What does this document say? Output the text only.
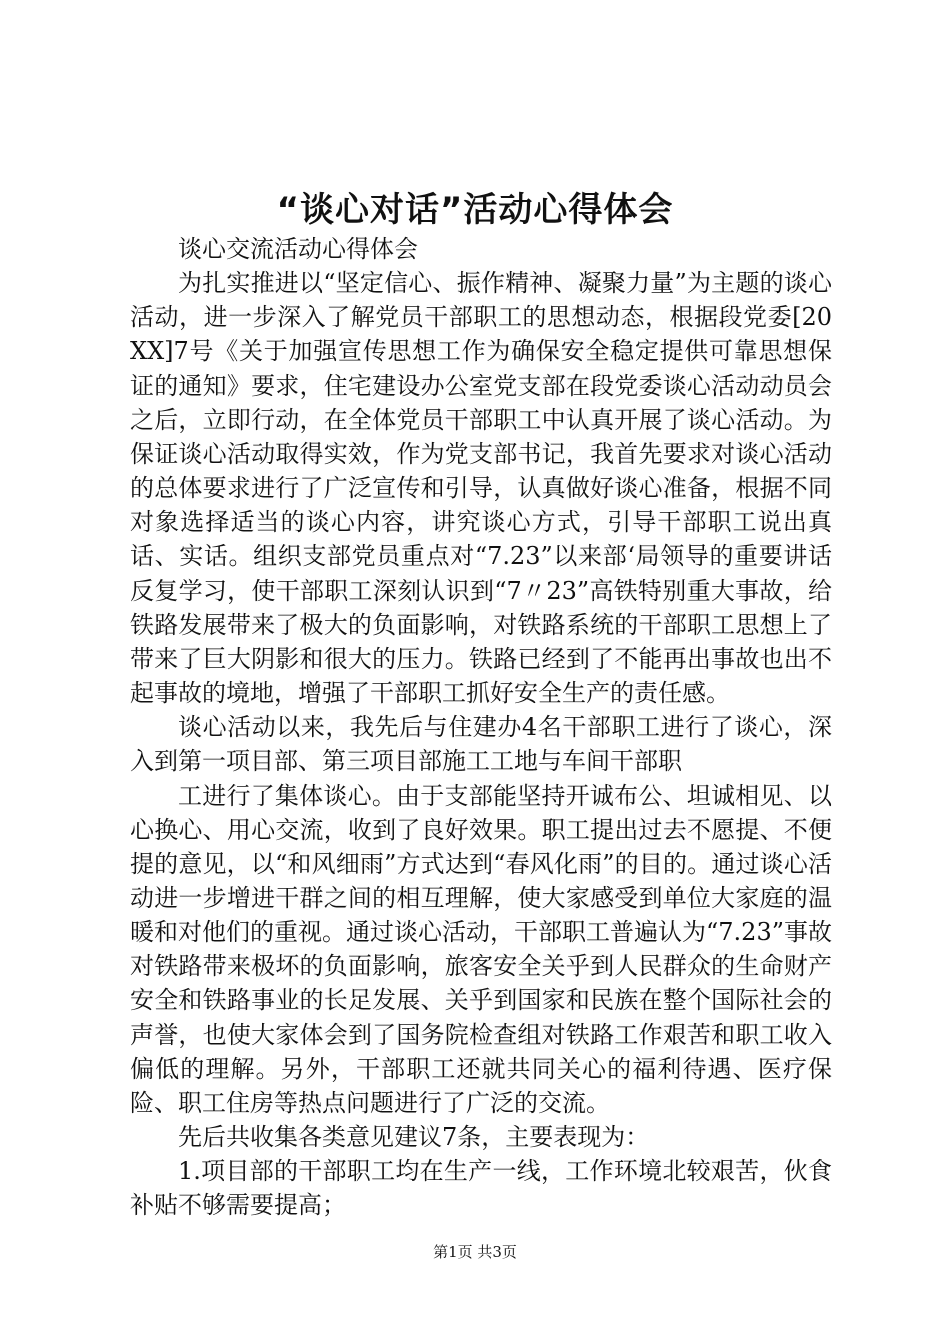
“谈心对话”活动心得体会

谈心交流活动心得体会

为扎实推进以“坚定信心、振作精神、凝聚力量”为主题的谈心活动，进一步深入了解党员干部职工的思想动态，根据段党委[20XX]7号《关于加强宣传思想工作为确保安全稳定提供可靠思想保证的通知》要求，住宅建设办公室党支部在段党委谈心活动动员会之后，立即行动，在全体党员干部职工中认真开展了谈心活动。为保证谈心活动取得实效，作为党支部书记，我首先要求对谈心活动的总体要求进行了广泛宣传和引导，认真做好谈心准备，根据不同对象选择适当的谈心内容，讲究谈心方式，引导干部职工说出真话、实话。组织支部党员重点对“7.23”以来部‘局领导的重要讲话反复学习，使干部职工深刻认识到“7〃23”高铁特别重大事故，给铁路发展带来了极大的负面影响，对铁路系统的干部职工思想上了带来了巨大阴影和很大的压力。铁路已经到了不能再出事故也出不起事故的境地，增强了干部职工抓好安全生产的责任感。

谈心活动以来，我先后与住建办4名干部职工进行了谈心，深入到第一项目部、第三项目部施工工地与车间干部职

工进行了集体谈心。由于支部能坚持开诚布公、坦诚相见、以心换心、用心交流，收到了良好效果。职工提出过去不愿提、不便提的意见，以“和风细雨”方式达到“春风化雨”的目的。通过谈心活动进一步增进干群之间的相互理解，使大家感受到单位大家庭的温暖和对他们的重视。通过谈心活动，干部职工普遍认为“7.23”事故对铁路带来极坏的负面影响，旅客安全关乎到人民群众的生命财产安全和铁路事业的长足发展、关乎到国家和民族在整个国际社会的声誉，也使大家体会到了国务院检查组对铁路工作艰苦和职工收入偏低的理解。另外，干部职工还就共同关心的福利待遇、医疗保险、职工住房等热点问题进行了广泛的交流。

先后共收集各类意见建议7条，主要表现为：

1.项目部的干部职工均在生产一线，工作环境北较艰苦，伙食补贴不够需要提高；

第1页 共3页
